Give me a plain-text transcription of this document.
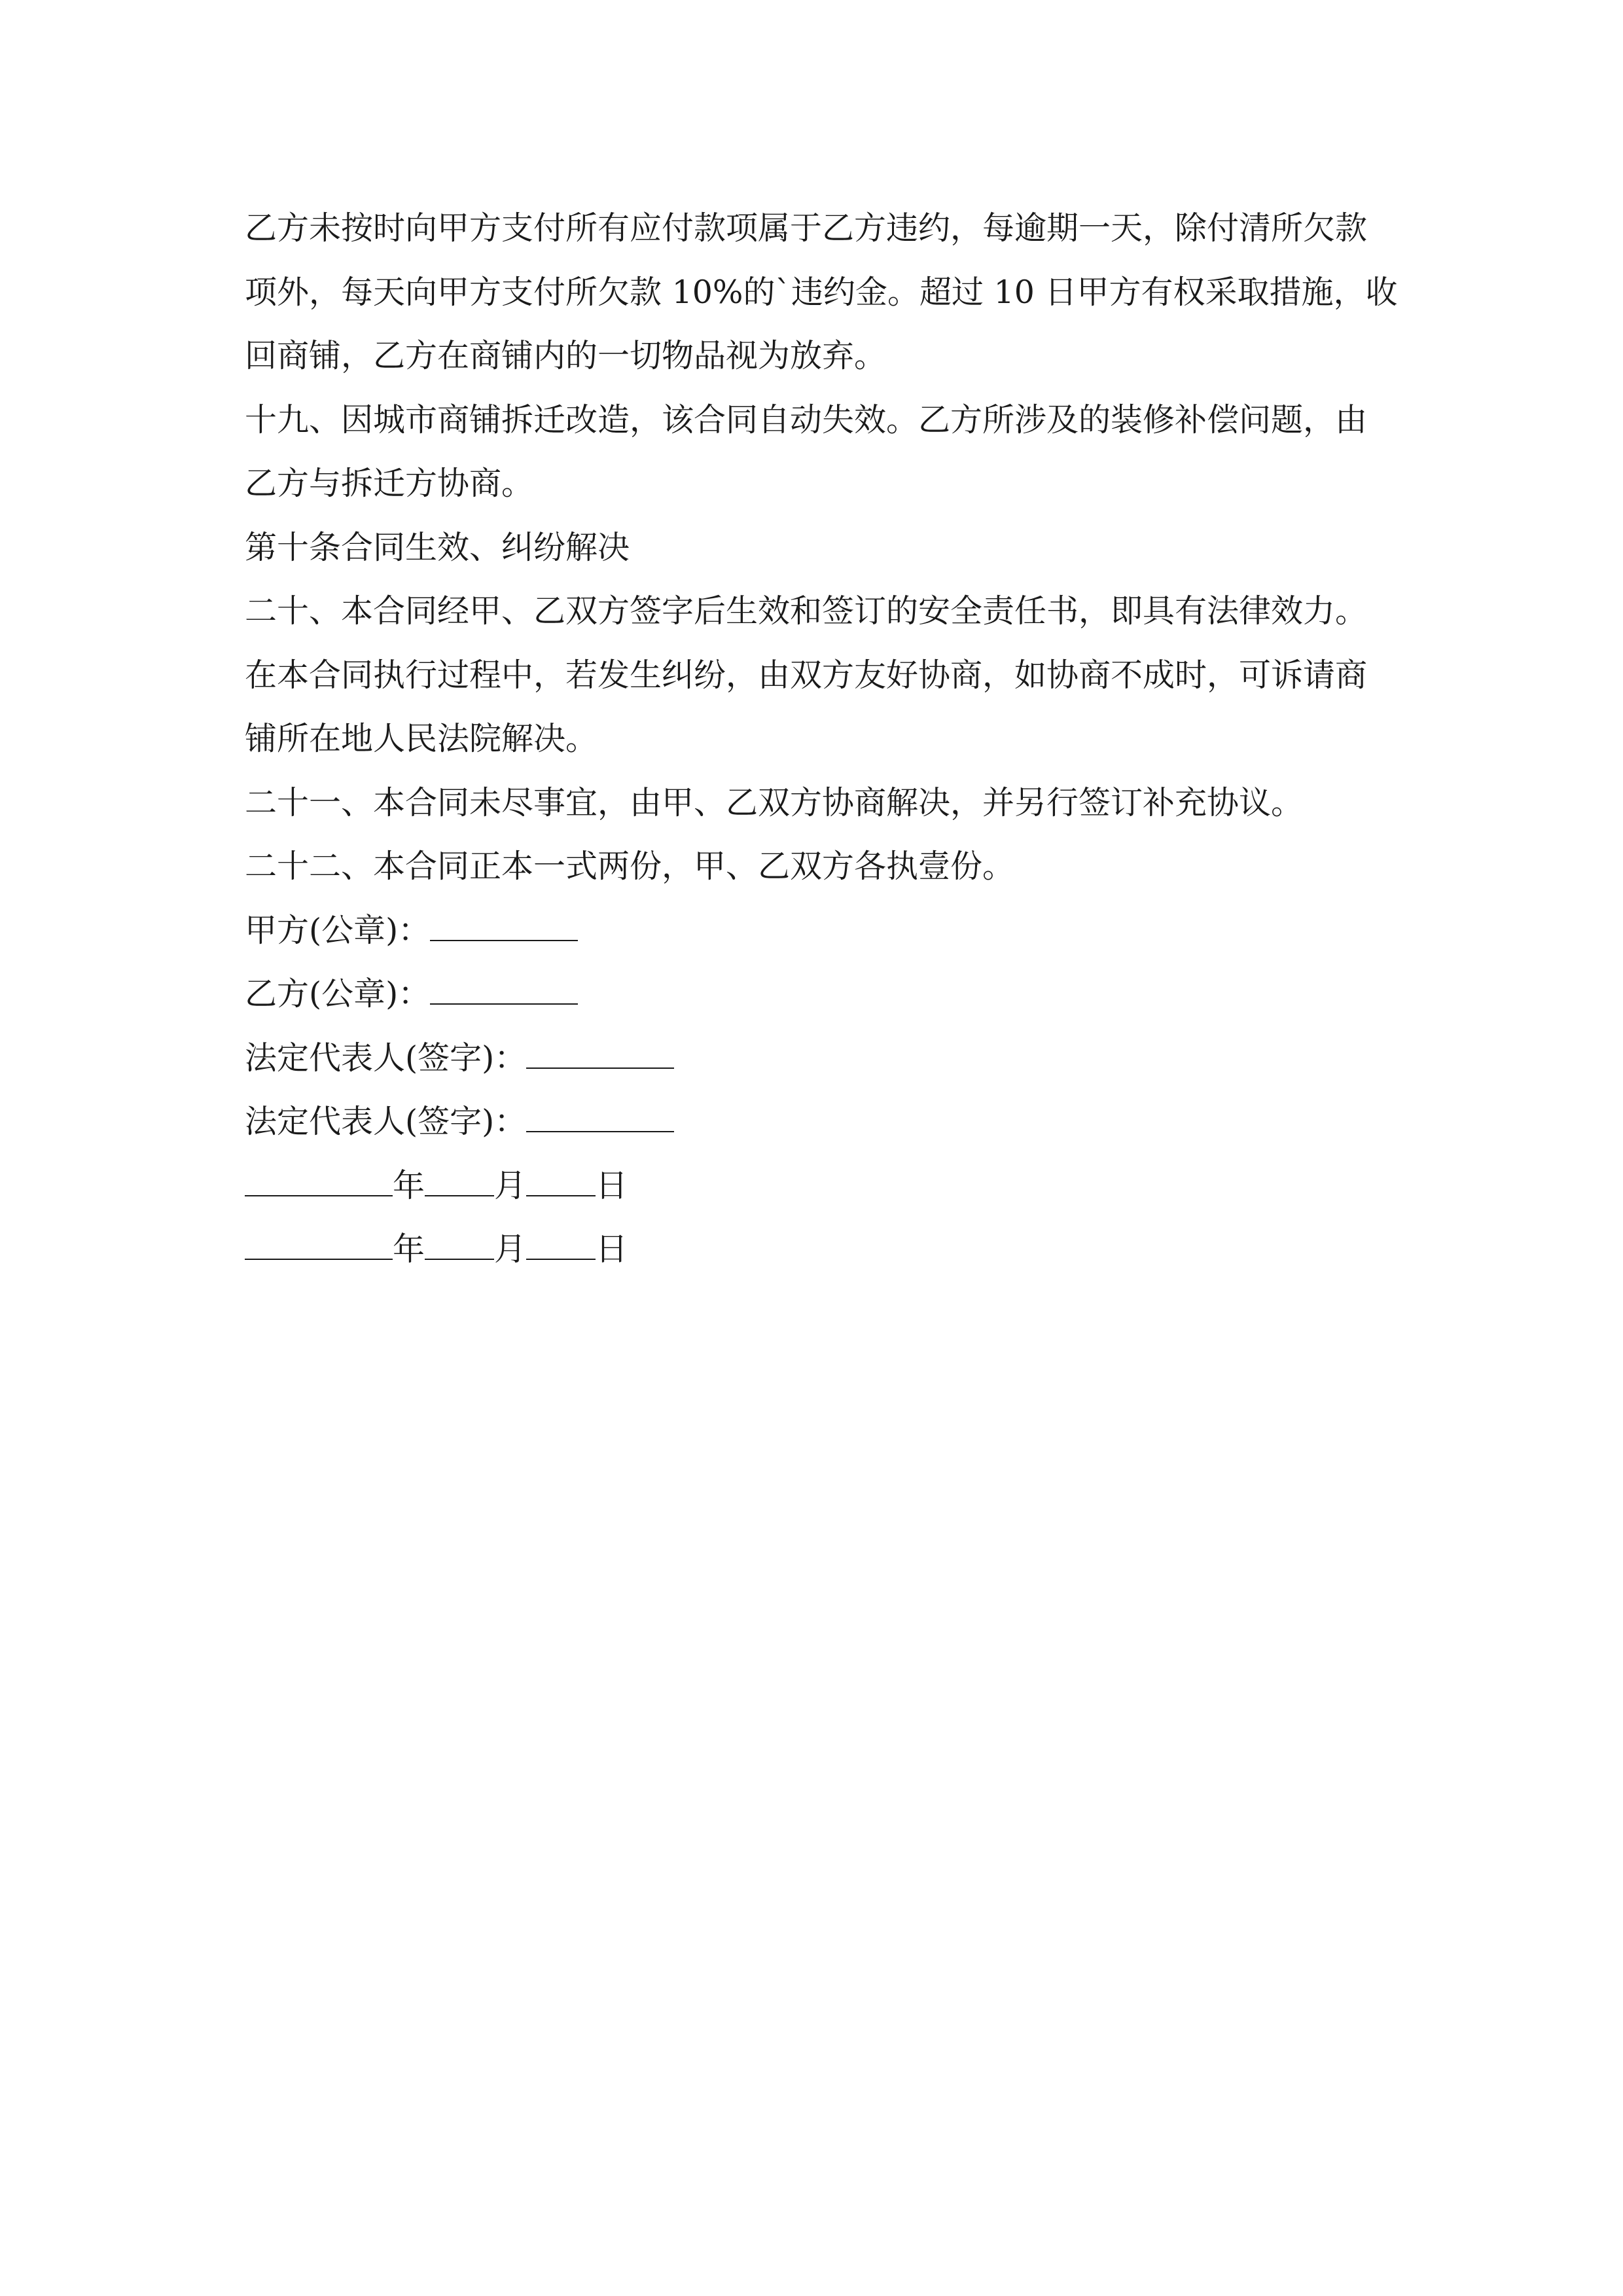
乙方未按时向甲方支付所有应付款项属于乙方违约，每逾期一天，除付清所欠款
项外，每天向甲方支付所欠款 10%的`违约金。超过 10 日甲方有权采取措施，收
回商铺，乙方在商铺内的一切物品视为放弃。
十九、因城市商铺拆迁改造，该合同自动失效。乙方所涉及的装修补偿问题，由
乙方与拆迁方协商。
第十条合同生效、纠纷解决
二十、本合同经甲、乙双方签字后生效和签订的安全责任书，即具有法律效力。
在本合同执行过程中，若发生纠纷，由双方友好协商，如协商不成时，可诉请商
铺所在地人民法院解决。
二十一、本合同未尽事宜，由甲、乙双方协商解决，并另行签订补充协议。
二十二、本合同正本一式两份，甲、乙双方各执壹份。
甲方(公章)：
乙方(公章)：
法定代表人(签字)：
法定代表人(签字)：
年 月 日
年 月 日
